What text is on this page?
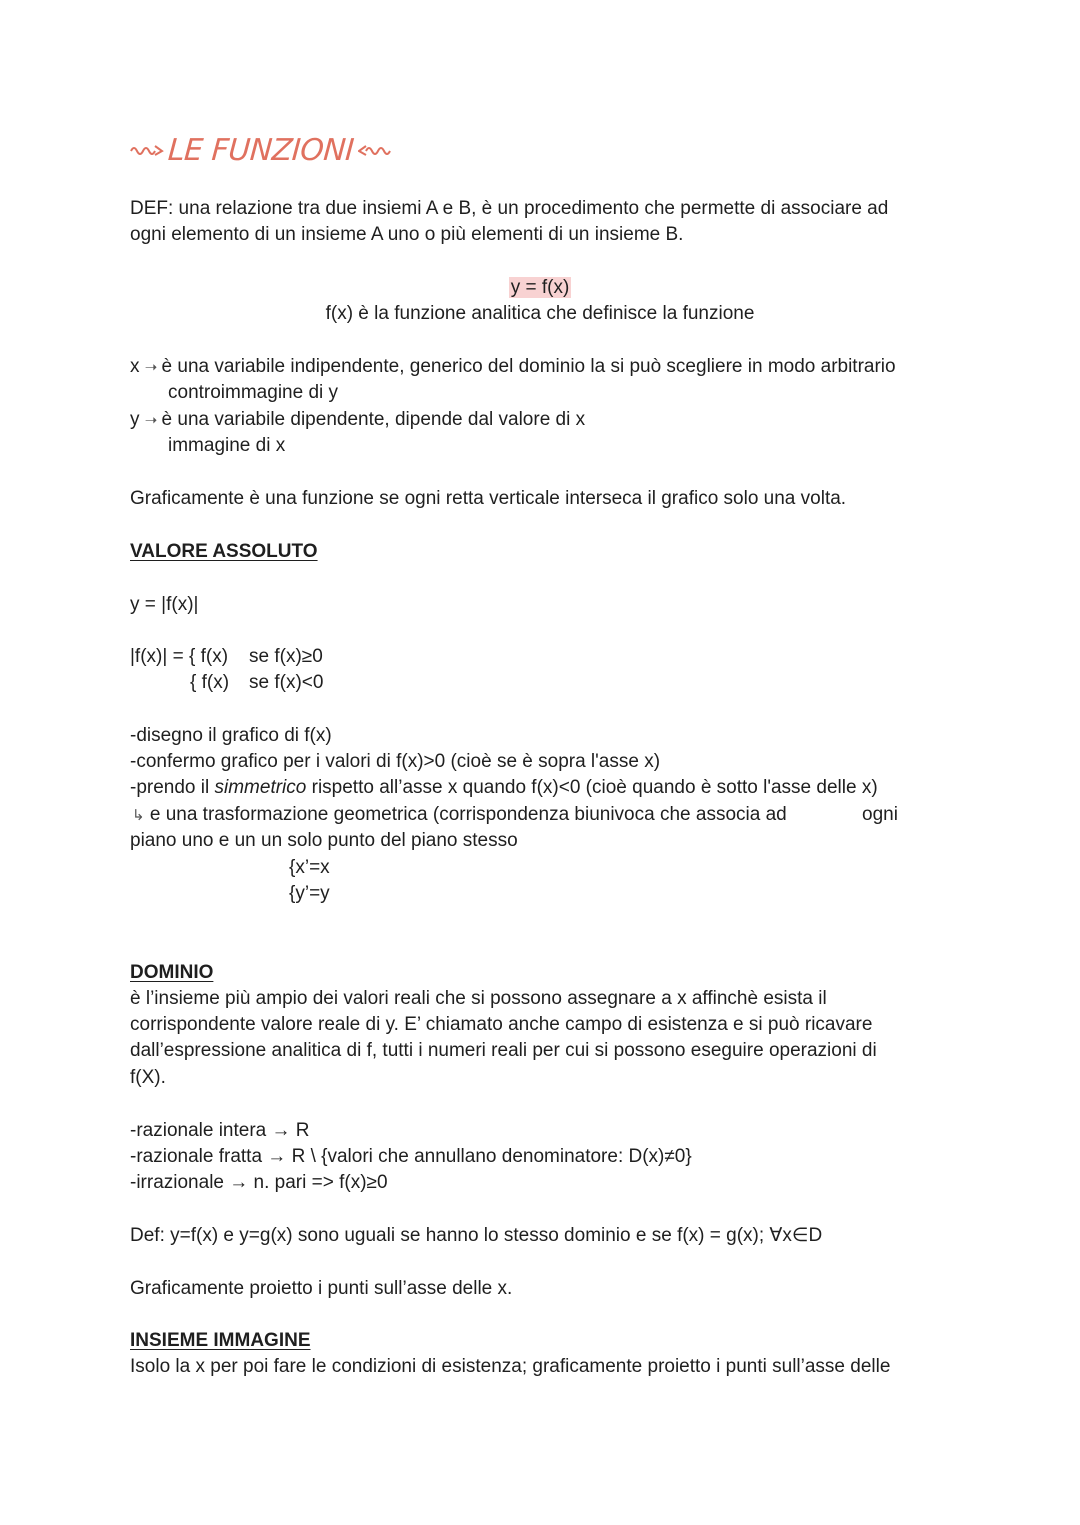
LE FUNZIONI
DEF: una relazione tra due insiemi A e B, è un procedimento che permette di associare ad
ogni elemento di un insieme A uno o più elementi di un insieme B.
y = f(x)
f(x) è la funzione analitica che definisce la funzione
x ➝ è una variabile indipendente, generico del dominio la si può scegliere in modo arbitrario
controimmagine di y
y ➝ è una variabile dipendente, dipende dal valore di x
immagine di x
Graficamente è una funzione se ogni retta verticale interseca il grafico solo una volta.
VALORE ASSOLUTO
y = |f(x)|
|f(x)| = { f(x) se f(x)≥0
{ f(x) se f(x)<0
-disegno il grafico di f(x)
-confermo grafico per i valori di f(x)>0 (cioè se è sopra l'asse x)
-prendo il simmetrico rispetto all’asse x quando f(x)<0 (cioè quando è sotto l'asse delle x)
↳ e una trasformazione geometrica (corrispondenza biunivoca che associa ad	ogni
piano uno e un un solo punto del piano stesso
{x’=x
{y’=y
DOMINIO
è l’insieme più ampio dei valori reali che si possono assegnare a x affinchè esista il
corrispondente valore reale di y. E’ chiamato anche campo di esistenza e si può ricavare
dall’espressione analitica di f, tutti i numeri reali per cui si possono eseguire operazioni di
f(X).
-razionale intera → R
-razionale fratta → R \ {valori che annullano denominatore: D(x)≠0}
-irrazionale → n. pari => f(x)≥0
Def: y=f(x) e y=g(x) sono uguali se hanno lo stesso dominio e se f(x) = g(x); ∀x∈D
Graficamente proietto i punti sull’asse delle x.
INSIEME IMMAGINE
Isolo la x per poi fare le condizioni di esistenza; graficamente proietto i punti sull’asse delle
